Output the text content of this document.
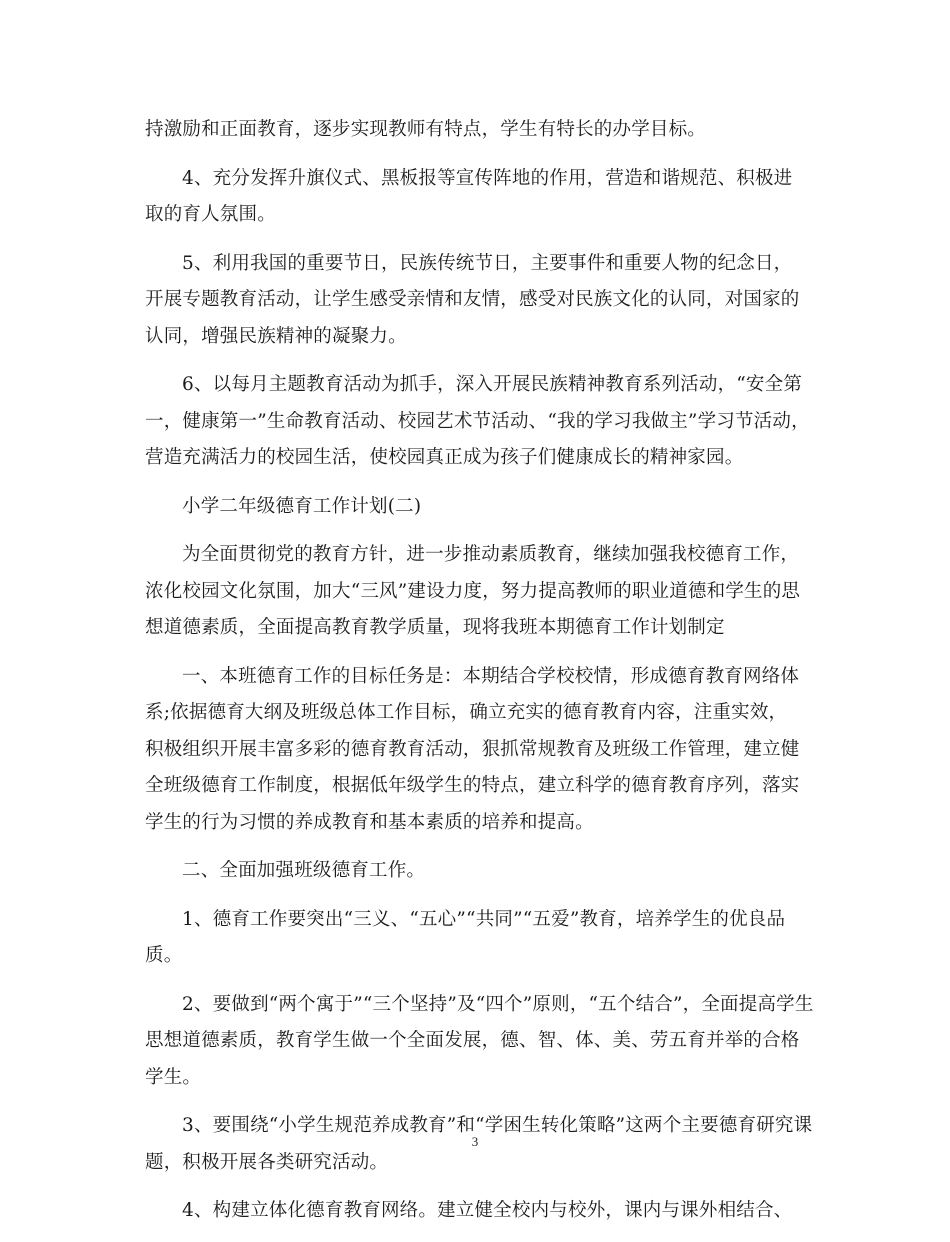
持激励和正面教育，逐步实现教师有特点，学生有特长的办学目标。
4、充分发挥升旗仪式、黑板报等宣传阵地的作用，营造和谐规范、积极进
取的育人氛围。
5、利用我国的重要节日，民族传统节日，主要事件和重要人物的纪念日，
开展专题教育活动，让学生感受亲情和友情，感受对民族文化的认同，对国家的
认同，增强民族精神的凝聚力。
6、以每月主题教育活动为抓手，深入开展民族精神教育系列活动，“安全第
一，健康第一”生命教育活动、校园艺术节活动、“我的学习我做主”学习节活动，
营造充满活力的校园生活，使校园真正成为孩子们健康成长的精神家园。
小学二年级德育工作计划(二)
为全面贯彻党的教育方针，进一步推动素质教育，继续加强我校德育工作，
浓化校园文化氛围，加大“三风”建设力度，努力提高教师的职业道德和学生的思
想道德素质，全面提高教育教学质量，现将我班本期德育工作计划制定
一、本班德育工作的目标任务是：本期结合学校校情，形成德育教育网络体
系;依据德育大纲及班级总体工作目标，确立充实的德育教育内容，注重实效，
积极组织开展丰富多彩的德育教育活动，狠抓常规教育及班级工作管理，建立健
全班级德育工作制度，根据低年级学生的特点，建立科学的德育教育序列，落实
学生的行为习惯的养成教育和基本素质的培养和提高。
二、全面加强班级德育工作。
1、德育工作要突出“三义、“五心”“共同”“五爱”教育，培养学生的优良品
质。
2、要做到“两个寓于”“三个坚持”及“四个”原则，“五个结合”，全面提高学生
思想道德素质，教育学生做一个全面发展，德、智、体、美、劳五育并举的合格
学生。
3、要围绕“小学生规范养成教育”和“学困生转化策略”这两个主要德育研究课
题，积极开展各类研究活动。
4、构建立体化德育教育网络。建立健全校内与校外，课内与课外相结合、
3
